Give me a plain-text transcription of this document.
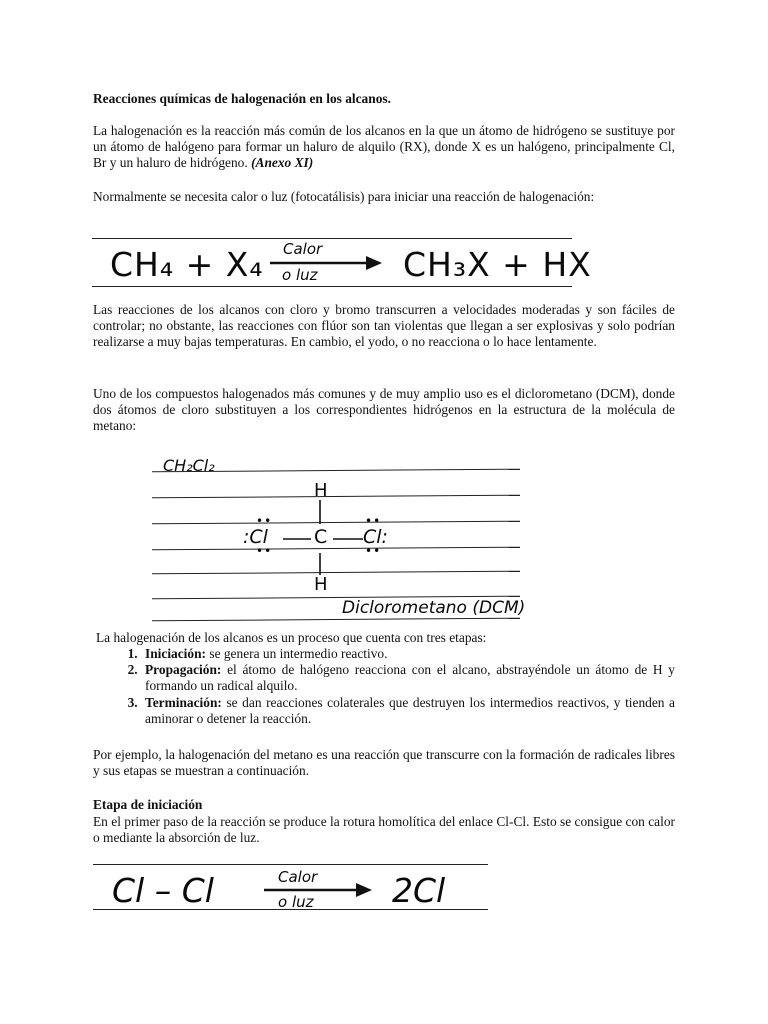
Reacciones químicas de halogenación en los alcanos.
La halogenación es la reacción más común de los alcanos en la que un átomo de hidrógeno se sustituye por un átomo de halógeno para formar un haluro de alquilo (RX), donde X es un halógeno, principalmente Cl, Br y un haluro de hidrógeno. (Anexo XI)
Normalmente se necesita calor o luz (fotocatálisis) para iniciar una reacción de halogenación:
CH₄ + X₄ Calor
o luz	CH₃X + HX
Las reacciones de los alcanos con cloro y bromo transcurren a velocidades moderadas y son fáciles de controlar; no obstante, las reacciones con flúor son tan violentas que llegan a ser explosivas y solo podrían realizarse a muy bajas temperaturas. En cambio, el yodo, o no reacciona o lo hace lentamente.
Uno de los compuestos halogenados más comunes y de muy amplio uso es el diclorometano (DCM), donde dos átomos de cloro substituyen a los correspondientes hidrógenos en la estructura de la molécula de metano:
CH₂Cl₂
H
:Cl
••
••
C Cl:
••
••
H
Diclorometano (DCM)
La halogenación de los alcanos es un proceso que cuenta con tres etapas:
1. Iniciación: se genera un intermedio reactivo.
2. Propagación: el átomo de halógeno reacciona con el alcano, abstrayéndole un átomo de H y formando un radical alquilo.
3. Terminación: se dan reacciones colaterales que destruyen los intermedios reactivos, y tienden a aminorar o detener la reacción.
Por ejemplo, la halogenación del metano es una reacción que transcurre con la formación de radicales libres y sus etapas se muestran a continuación.
Etapa de iniciación
En el primer paso de la reacción se produce la rotura homolítica del enlace Cl-Cl. Esto se consigue con calor o mediante la absorción de luz.
Cl – Cl	Calor
o luz 2Cl
